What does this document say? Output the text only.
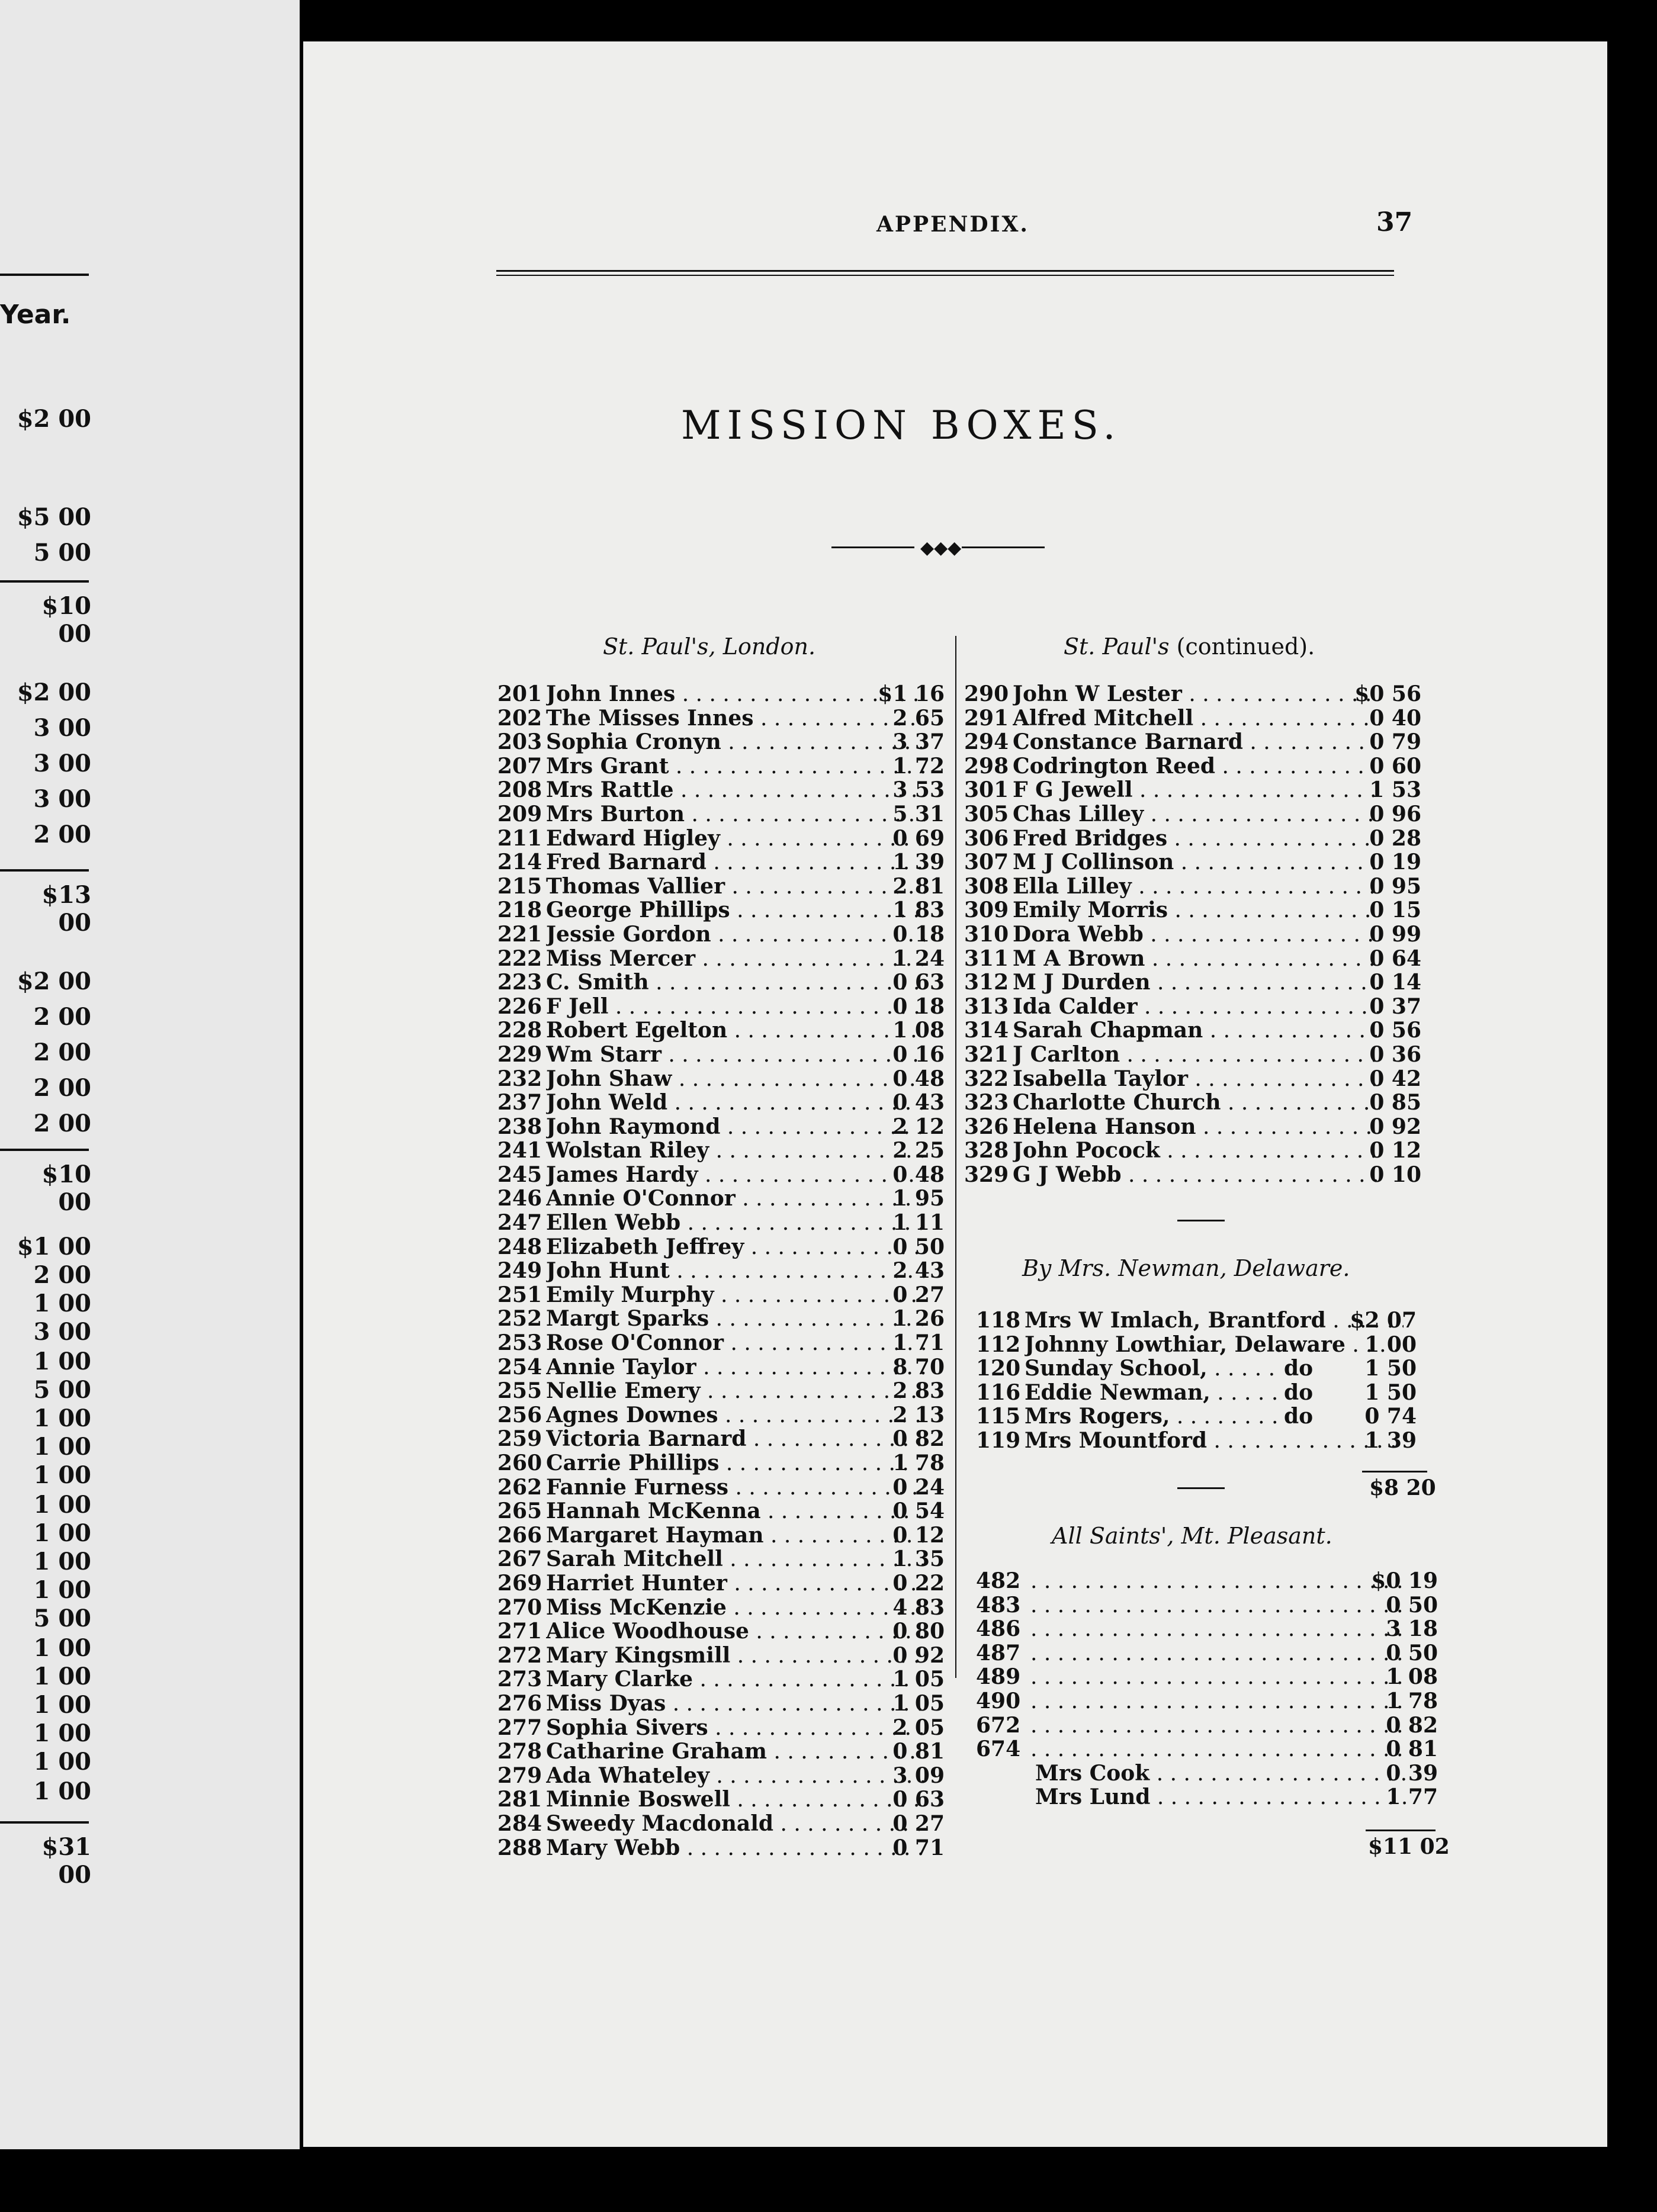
Year.
$2 00
$5 00
5 00
$10 00
$2 00
3 00
3 00
3 00
2 00
$13 00
$2 00
2 00
2 00
2 00
2 00
$10 00
$1 00
2 00
1 00
3 00
1 00
5 00
1 00
1 00
1 00
1 00
1 00
1 00
1 00
5 00
1 00
1 00
1 00
1 00
1 00
1 00
$31 00
APPENDIX.	37
MISSION BOXES.
◆◆◆
St. Paul's, London.	St. Paul's (continued).
201 John Innes . . .	$1 16
202 The Misses Innes . . .	2 65
203 Sophia Cronyn . . .	3 37
207 Mrs Grant . . .	1 72
208 Mrs Rattle . . .	3 53
209 Mrs Burton . . .	5 31
211 Edward Higley . . .	0 69
214 Fred Barnard . . .	1 39
215 Thomas Vallier . . .	2 81
218 George Phillips . . .	1 83
221 Jessie Gordon . . .	0 18
222 Miss Mercer . . .	1 24
223 C. Smith . . .	0 63
226 F Jell . . .	0 18
228 Robert Egelton . . .	1 08
229 Wm Starr . . .	0 16
232 John Shaw . . .	0 48
237 John Weld . . .	0 43
238 John Raymond . . .	2 12
241 Wolstan Riley . . .	2 25
245 James Hardy . . .	0 48
246 Annie O'Connor . . .	1 95
247 Ellen Webb . . .	1 11
248 Elizabeth Jeffrey . . .	0 50
249 John Hunt . . .	2 43
251 Emily Murphy . . .	0 27
252 Margt Sparks . . .	1 26
253 Rose O'Connor . . .	1 71
254 Annie Taylor . . .	8 70
255 Nellie Emery . . .	2 83
256 Agnes Downes . . .	2 13
259 Victoria Barnard . . .	0 82
260 Carrie Phillips . . .	1 78
262 Fannie Furness . . .	0 24
265 Hannah McKenna . . .	0 54
266 Margaret Hayman . . .	0 12
267 Sarah Mitchell . . .	1 35
269 Harriet Hunter . . .	0 22
270 Miss McKenzie . . .	4 83
271 Alice Woodhouse . . .	0 80
272 Mary Kingsmill . . .	0 92
273 Mary Clarke . . .	1 05
276 Miss Dyas . . .	1 05
277 Sophia Sivers . . .	2 05
278 Catharine Graham . . .	0 81
279 Ada Whateley . . .	3 09
281 Minnie Boswell . . .	0 63
284 Sweedy Macdonald . . .	0 27
288 Mary Webb . . .	0 71
290 John W Lester . . .	$0 56
291 Alfred Mitchell . . .	0 40
294 Constance Barnard . . .	0 79
298 Codrington Reed . . .	0 60
301 F G Jewell . . .	1 53
305 Chas Lilley . . .	0 96
306 Fred Bridges . . .	0 28
307 M J Collinson . . .	0 19
308 Ella Lilley . . .	0 95
309 Emily Morris . . .	0 15
310 Dora Webb . . .	0 99
311 M A Brown . . .	0 64
312 M J Durden . . .	0 14
313 Ida Calder . . .	0 37
314 Sarah Chapman . . .	0 56
321 J Carlton . . .	0 36
322 Isabella Taylor . . .	0 42
323 Charlotte Church . . .	0 85
326 Helena Hanson . . .	0 92
328 John Pocock . . .	0 12
329 G J Webb . . .	0 10
By Mrs. Newman, Delaware.
118 Mrs W Imlach, Brantford . . .	$2 07
112 Johnny Lowthiar, Delaware . . . 1 00
120 Sunday School, . . .	do 1 50
116 Eddie Newman, . . .	do 1 50
115 Mrs Rogers, . . .	do 0 74
119 Mrs Mountford . . .	1 39
$8 20
All Saints', Mt. Pleasant.
482 . . .	$0 19
483 . . .	0 50
486 . . .	3 18
487 . . .	0 50
489 . . .	1 08
490 . . .	1 78
672 . . .	0 82
674 . . .	0 81
Mrs Cook . . .	0 39
Mrs Lund . . .	1 77
$11 02
